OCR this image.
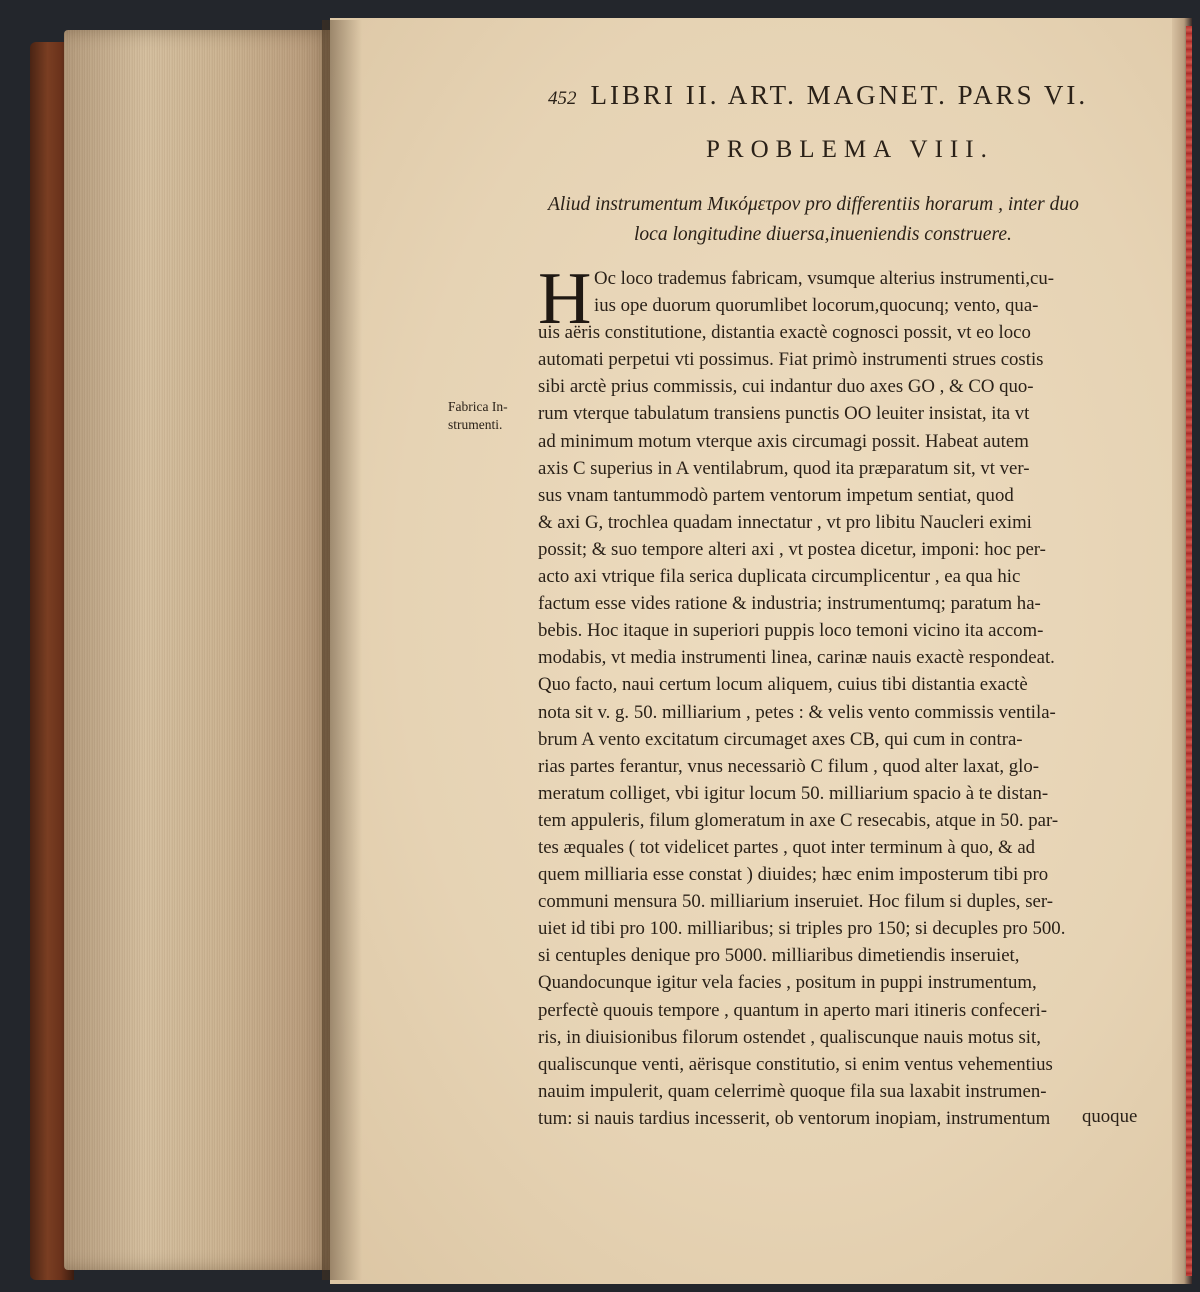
452 LIBRI II. ART. MAGNET. PARS VI.
PROBLEMA VIII.
Aliud instrumentum Μικόμετρον pro differentiis horarum , inter duo
loca longitudine diuersa,inueniendis construere.
Fabrica In-
strumenti.
H Oc loco trademus fabricam, vsumque alterius instrumenti,cu-
ius ope duorum quorumlibet locorum,quocunq; vento, qua-
uis aëris constitutione, distantia exactè cognosci possit, vt eo loco
automati perpetui vti possimus. Fiat primò instrumenti strues costis
sibi arctè prius commissis, cui indantur duo axes GO , & CO quo-
rum vterque tabulatum transiens punctis OO leuiter insistat, ita vt
ad minimum motum vterque axis circumagi possit. Habeat autem
axis C superius in A ventilabrum, quod ita præparatum sit, vt ver-
sus vnam tantummodò partem ventorum impetum sentiat, quod
& axi G, trochlea quadam innectatur , vt pro libitu Naucleri eximi
possit; & suo tempore alteri axi , vt postea dicetur, imponi: hoc per-
acto axi vtrique fila serica duplicata circumplicentur , ea qua hic
factum esse vides ratione & industria; instrumentumq; paratum ha-
bebis. Hoc itaque in superiori puppis loco temoni vicino ita accom-
modabis, vt media instrumenti linea, carinæ nauis exactè respondeat.
Quo facto, naui certum locum aliquem, cuius tibi distantia exactè
nota sit v. g. 50. milliarium , petes : & velis vento commissis ventila-
brum A vento excitatum circumaget axes CB, qui cum in contra-
rias partes ferantur, vnus necessariò C filum , quod alter laxat, glo-
meratum colliget, vbi igitur locum 50. milliarium spacio à te distan-
tem appuleris, filum glomeratum in axe C resecabis, atque in 50. par-
tes æquales ( tot videlicet partes , quot inter terminum à quo, & ad
quem milliaria esse constat ) diuides; hæc enim imposterum tibi pro
communi mensura 50. milliarium inseruiet. Hoc filum si duples, ser-
uiet id tibi pro 100. milliaribus; si triples pro 150; si decuples pro 500.
si centuples denique pro 5000. milliaribus dimetiendis inseruiet,
Quandocunque igitur vela facies , positum in puppi instrumentum,
perfectè quouis tempore , quantum in aperto mari itineris confeceri-
ris, in diuisionibus filorum ostendet , qualiscunque nauis motus sit,
qualiscunque venti, aërisque constitutio, si enim ventus vehementius
nauim impulerit, quam celerrimè quoque fila sua laxabit instrumen-
tum: si nauis tardius incesserit, ob ventorum inopiam, instrumentum	quoque
